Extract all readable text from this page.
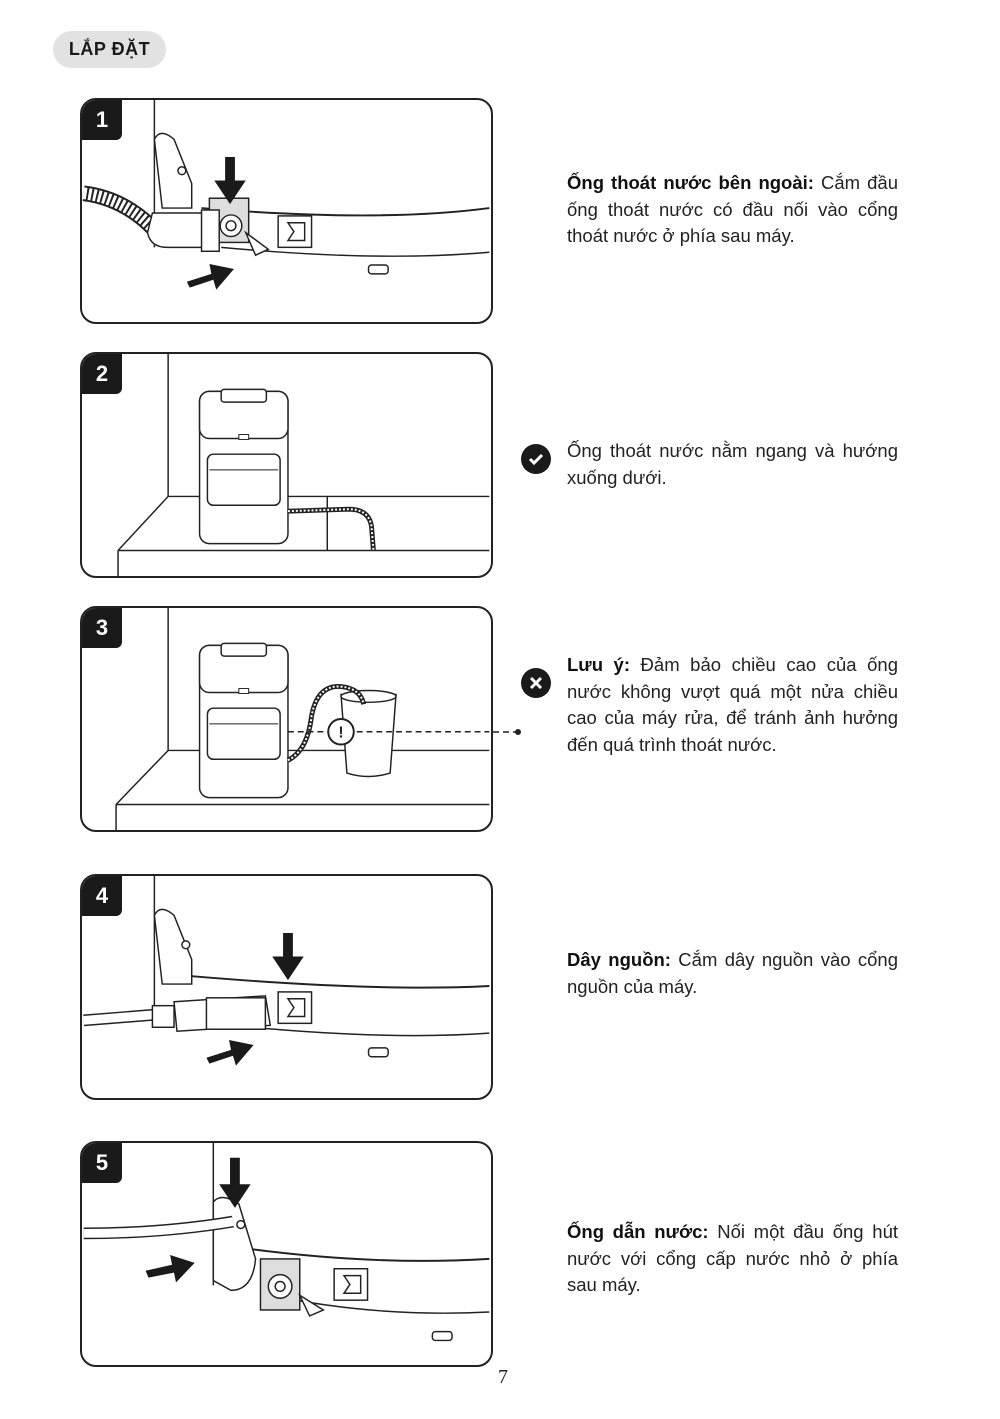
LẮP ĐẶT
1
Ống thoát nước bên ngoài: Cắm đầu ống thoát nước có đầu nối vào cổng thoát nước ở phía sau máy.
2
Ống thoát nước nằm ngang và hướng xuống dưới.
3
!
Lưu ý: Đảm bảo chiều cao của ống nước không vượt quá một nửa chiều cao của máy rửa, để tránh ảnh hưởng đến quá trình thoát nước.
4
Dây nguồn: Cắm dây nguồn vào cổng nguồn của máy.
5
Ống dẫn nước: Nối một đầu ống hút nước với cổng cấp nước nhỏ ở phía sau máy.
7
